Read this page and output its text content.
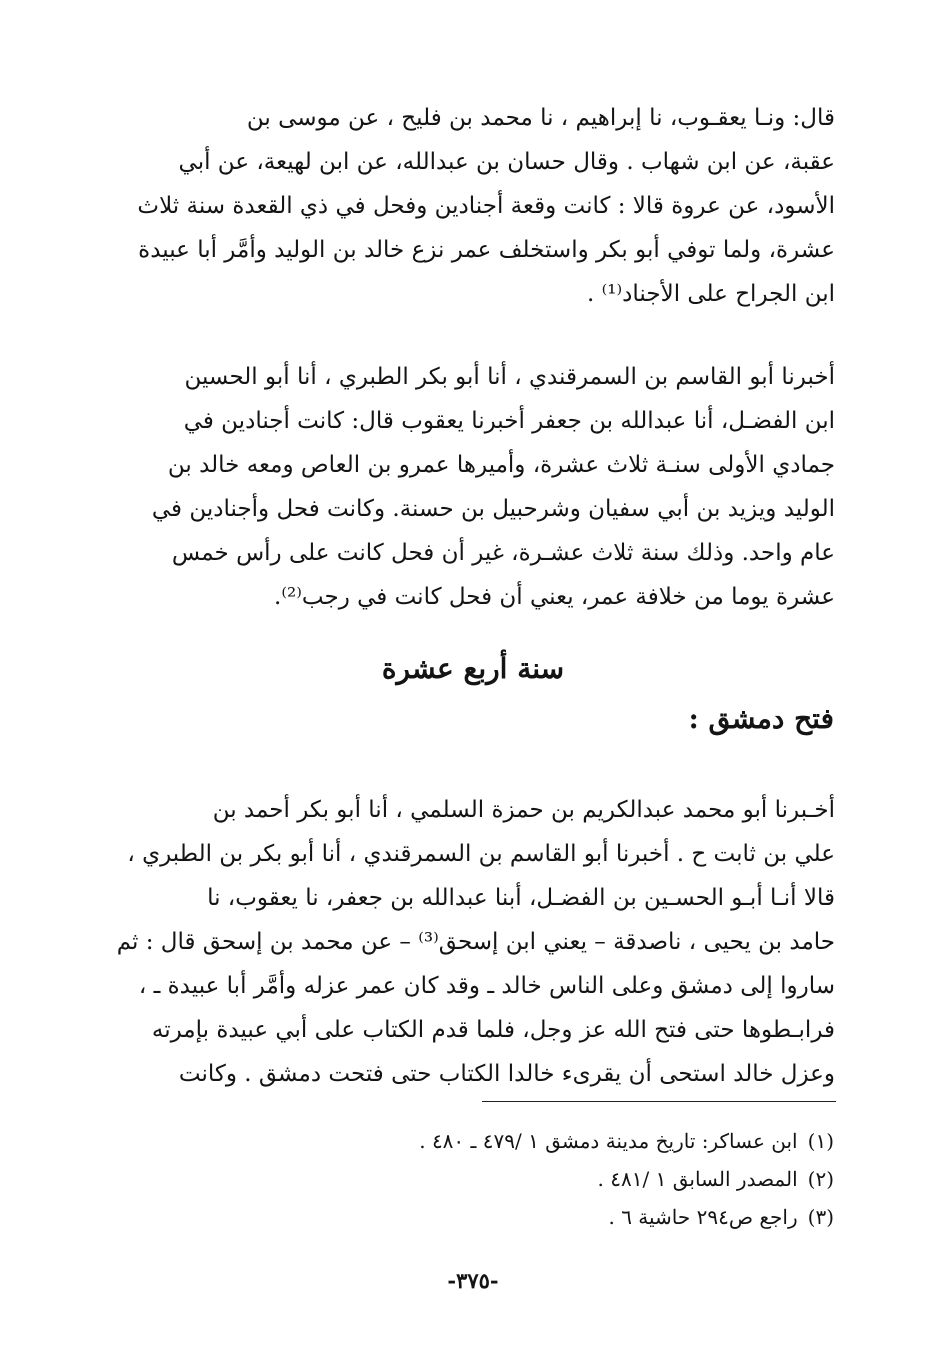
قال: ونـا يعقـوب، نا إبراهيم ، نا محمد بن فليح ، عن موسى بن
عقبة، عن ابن شهاب . وقال حسان بن عبدالله، عن ابن لهيعة، عن أبي
الأسود، عن عروة قالا : كانت وقعة أجنادين وفحل في ذي القعدة سنة ثلاث
عشرة، ولما توفي أبو بكر واستخلف عمر نزع خالد بن الوليد وأمَّر أبا عبيدة
ابن الجراح على الأجناد⁽¹⁾ .

أخبرنا أبو القاسم بن السمرقندي ، أنا أبو بكر الطبري ، أنا أبو الحسين
ابن الفضـل، أنا عبدالله بن جعفر أخبرنا يعقوب قال: كانت أجنادين في
جمادي الأولى سنـة ثلاث عشرة، وأميرها عمرو بن العاص ومعه خالد بن
الوليد ويزيد بن أبي سفيان وشرحبيل بن حسنة. وكانت فحل وأجنادين في
عام واحد. وذلك سنة ثلاث عشـرة، غير أن فحل كانت على رأس خمس
عشرة يوما من خلافة عمر، يعني أن فحل كانت في رجب⁽²⁾.

سنة أربع عشرة
فتح دمشق :

أخـبرنا أبو محمد عبدالكريم بن حمزة السلمي ، أنا أبو بكر أحمد بن
علي بن ثابت ح . أخبرنا أبو القاسم بن السمرقندي ، أنا أبو بكر بن الطبري ،
قالا أنـا أبـو الحسـين بن الفضـل، أبنا عبدالله بن جعفر، نا يعقوب، نا
حامد بن يحيى ، ناصدقة – يعني ابن إسحق⁽³⁾ – عن محمد بن إسحق قال : ثم
ساروا إلى دمشق وعلى الناس خالد ـ وقد كان عمر عزله وأمَّر أبا عبيدة ـ ،
فرابـطوها حتى فتح الله عز وجل، فلما قدم الكتاب على أبي عبيدة بإمرته
وعزل خالد استحى أن يقرىء خالدا الكتاب حتى فتحت دمشق . وكانت

(١)ابن عساكر: تاريخ مدينة دمشق ١ /٤٧٩ ـ ٤٨٠ .
(٢)المصدر السابق ١ /٤٨١ .
(٣)راجع ص٢٩٤ حاشية ٦ .
-٣٧٥-
